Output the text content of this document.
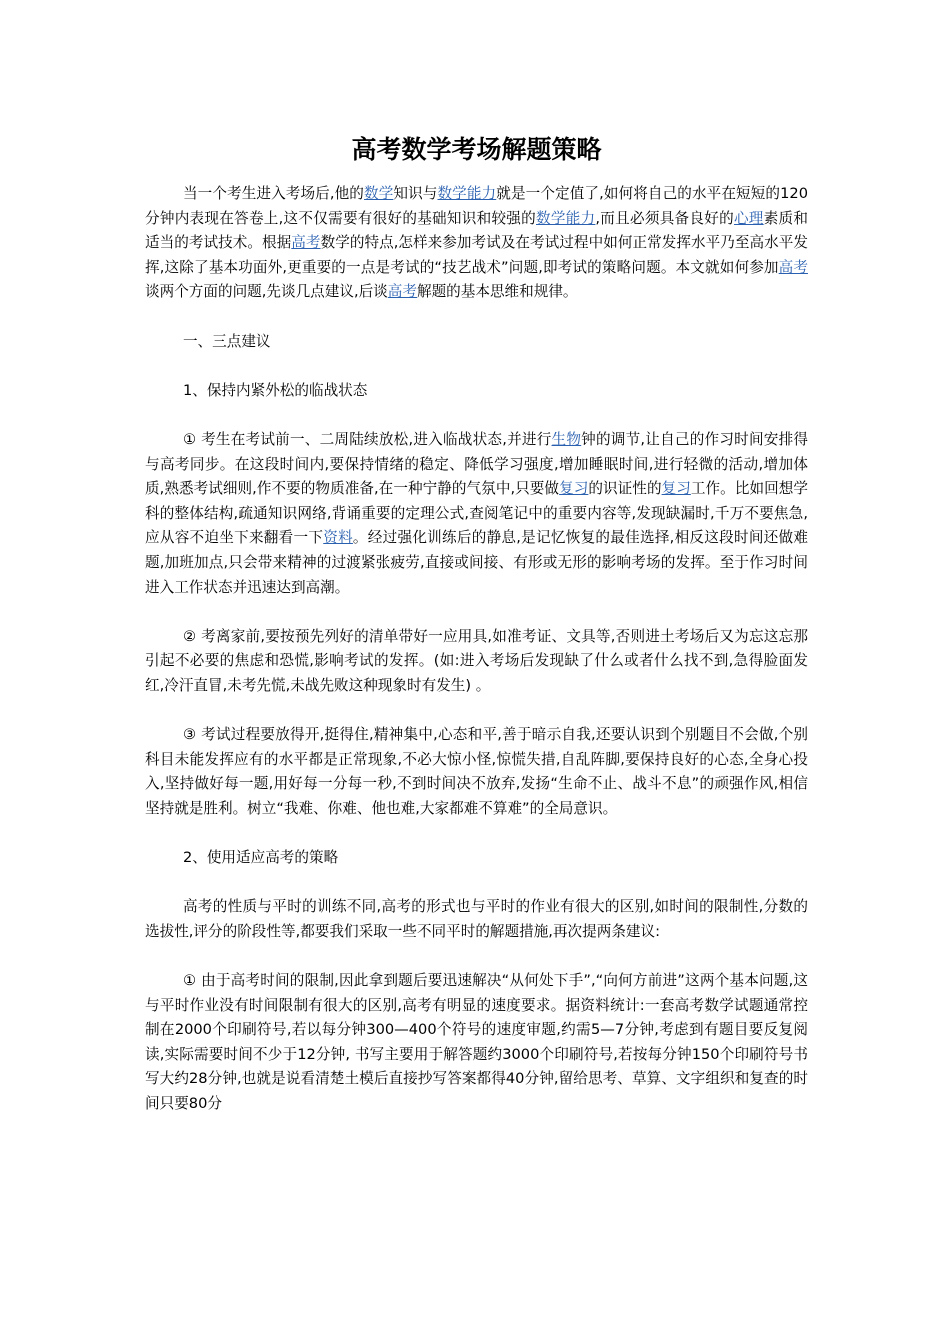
高考数学考场解题策略

当一个考生进入考场后,他的数学知识与数学能力就是一个定值了,如何将自己的水平在短短的120分钟内表现在答卷上,这不仅需要有很好的基础知识和较强的数学能力,而且必须具备良好的心理素质和适当的考试技术。根据高考数学的特点,怎样来参加考试及在考试过程中如何正常发挥水平乃至高水平发挥,这除了基本功面外,更重要的一点是考试的“技艺战术”问题,即考试的策略问题。本文就如何参加高考谈两个方面的问题,先谈几点建议,后谈高考解题的基本思维和规律。

一、三点建议

1、保持内紧外松的临战状态

① 考生在考试前一、二周陆续放松,进入临战状态,并进行生物钟的调节,让自己的作习时间安排得与高考同步。在这段时间内,要保持情绪的稳定、降低学习强度,增加睡眠时间,进行轻微的活动,增加体质,熟悉考试细则,作不要的物质准备,在一种宁静的气氛中,只要做复习的识证性的复习工作。比如回想学科的整体结构,疏通知识网络,背诵重要的定理公式,查阅笔记中的重要内容等,发现缺漏时,千万不要焦急,应从容不迫坐下来翻看一下资料。经过强化训练后的静息,是记忆恢复的最佳选择,相反这段时间还做难题,加班加点,只会带来精神的过渡紧张疲劳,直接或间接、有形或无形的影响考场的发挥。至于作习时间进入工作状态并迅速达到高潮。

② 考离家前,要按预先列好的清单带好一应用具,如准考证、文具等,否则进土考场后又为忘这忘那引起不必要的焦虑和恐慌,影响考试的发挥。(如:进入考场后发现缺了什么或者什么找不到,急得脸面发红,冷汗直冒,未考先慌,未战先败这种现象时有发生) 。

③ 考试过程要放得开,挺得住,精神集中,心态和平,善于暗示自我,还要认识到个别题目不会做,个别科目未能发挥应有的水平都是正常现象,不必大惊小怪,惊慌失措,自乱阵脚,要保持良好的心态,全身心投入,坚持做好每一题,用好每一分每一秒,不到时间决不放弃,发扬“生命不止、战斗不息”的顽强作风,相信坚持就是胜利。树立“我难、你难、他也难,大家都难不算难”的全局意识。

2、使用适应高考的策略

高考的性质与平时的训练不同,高考的形式也与平时的作业有很大的区别,如时间的限制性,分数的选拔性,评分的阶段性等,都要我们采取一些不同平时的解题措施,再次提两条建议:

① 由于高考时间的限制,因此拿到题后要迅速解决“从何处下手”,“向何方前进”这两个基本问题,这与平时作业没有时间限制有很大的区别,高考有明显的速度要求。据资料统计:一套高考数学试题通常控制在2000个印刷符号,若以每分钟300—400个符号的速度审题,约需5—7分钟,考虑到有题目要反复阅读,实际需要时间不少于12分钟, 书写主要用于解答题约3000个印刷符号,若按每分钟150个印刷符号书写大约28分钟,也就是说看清楚土模后直接抄写答案都得40分钟,留给思考、草算、文字组织和复查的时间只要80分
